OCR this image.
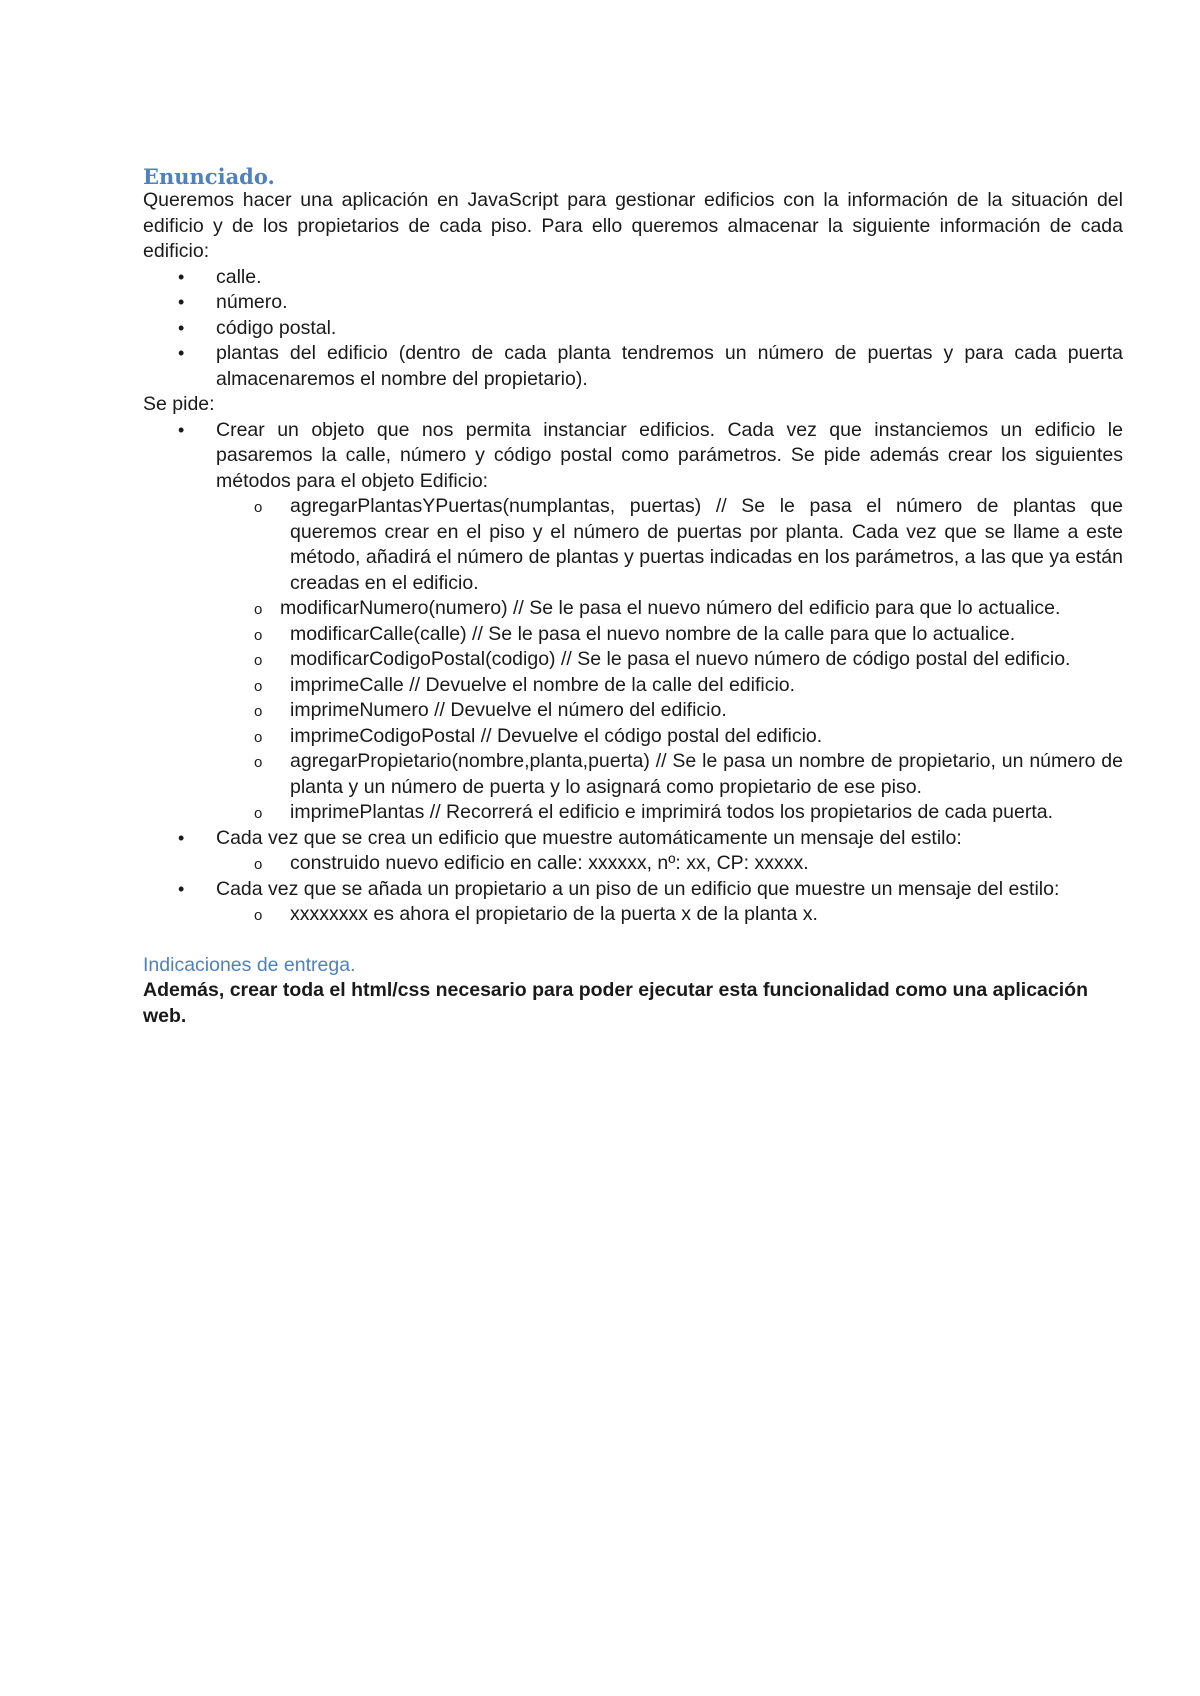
Enunciado.

Queremos hacer una aplicación en JavaScript para gestionar edificios con la información de la situación del edificio y de los propietarios de cada piso. Para ello queremos almacenar la siguiente información de cada edificio:

• calle.
• número.
• código postal.
• plantas del edificio (dentro de cada planta tendremos un número de puertas y para cada puerta almacenaremos el nombre del propietario).

Se pide:

• Crear un objeto que nos permita instanciar edificios. Cada vez que instanciemos un edificio le pasaremos la calle, número y código postal como parámetros. Se pide además crear los siguientes métodos para el objeto Edificio:
o agregarPlantasYPuertas(numplantas, puertas) // Se le pasa el número de plantas que queremos crear en el piso y el número de puertas por planta. Cada vez que se llame a este método, añadirá el número de plantas y puertas indicadas en los parámetros, a las que ya están creadas en el edificio.
o modificarNumero(numero) // Se le pasa el nuevo número del edificio para que lo actualice.
o modificarCalle(calle) // Se le pasa el nuevo nombre de la calle para que lo actualice.
o modificarCodigoPostal(codigo) // Se le pasa el nuevo número de código postal del edificio.
o imprimeCalle // Devuelve el nombre de la calle del edificio.
o imprimeNumero // Devuelve el número del edificio.
o imprimeCodigoPostal // Devuelve el código postal del edificio.
o agregarPropietario(nombre,planta,puerta) // Se le pasa un nombre de propietario, un número de planta y un número de puerta y lo asignará como propietario de ese piso.
o imprimePlantas // Recorrerá el edificio e imprimirá todos los propietarios de cada puerta.
• Cada vez que se crea un edificio que muestre automáticamente un mensaje del estilo:
o construido nuevo edificio en calle: xxxxxx, nº: xx, CP: xxxxx.
• Cada vez que se añada un propietario a un piso de un edificio que muestre un mensaje del estilo:
o xxxxxxxx es ahora el propietario de la puerta x de la planta x.

Indicaciones de entrega.

Además, crear toda el html/css necesario para poder ejecutar esta funcionalidad como una aplicación web.
